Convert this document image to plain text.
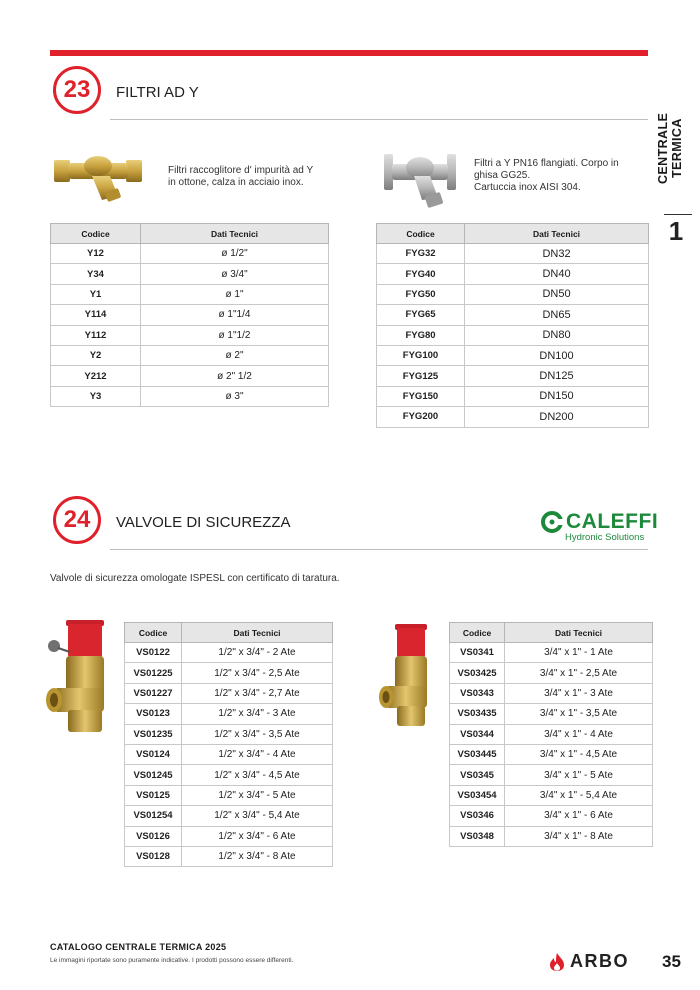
CENTRALE TERMICA
1
23	FILTRI AD Y
Filtri raccoglitore d' impurità ad Y
in ottone, calza in acciaio inox.
Filtri a Y PN16 flangiati. Corpo in
ghisa GG25.
Cartuccia inox AISI 304.
Codice	Dati Tecnici
Y12	ø 1/2"
Y34	ø 3/4"
Y1	ø 1"
Y114	ø 1"1/4
Y112	ø 1"1/2
Y2	ø 2"
Y212	ø 2" 1/2
Y3	ø 3"
Codice	Dati Tecnici
FYG32	DN32
FYG40	DN40
FYG50	DN50
FYG65	DN65
FYG80	DN80
FYG100	DN100
FYG125	DN125
FYG150	DN150
FYG200	DN200
24	VALVOLE DI SICUREZZA	CALEFFI
Hydronic Solutions
Valvole di sicurezza omologate ISPESL con certificato di taratura.
Codice	Dati Tecnici
VS0122	1/2" x 3/4" - 2 Ate
VS01225	1/2" x 3/4" - 2,5 Ate
VS01227	1/2" x 3/4" - 2,7 Ate
VS0123	1/2" x 3/4" - 3 Ate
VS01235	1/2" x 3/4" - 3,5 Ate
VS0124	1/2" x 3/4" - 4 Ate
VS01245	1/2" x 3/4" - 4,5 Ate
VS0125	1/2" x 3/4" - 5 Ate
VS01254	1/2" x 3/4" - 5,4 Ate
VS0126	1/2" x 3/4" - 6 Ate
VS0128	1/2" x 3/4" - 8 Ate
Codice	Dati Tecnici
VS0341	3/4" x 1" - 1 Ate
VS03425	3/4" x 1" - 2,5 Ate
VS0343	3/4" x 1" - 3 Ate
VS03435	3/4" x 1" - 3,5 Ate
VS0344	3/4" x 1" - 4 Ate
VS03445	3/4" x 1" - 4,5 Ate
VS0345	3/4" x 1" - 5 Ate
VS03454	3/4" x 1" - 5,4 Ate
VS0346	3/4" x 1" - 6 Ate
VS0348	3/4" x 1" - 8 Ate
CATALOGO CENTRALE TERMICA 2025
Le immagini riportate sono puramente indicative. I prodotti possono essere differenti.	ARBO 35
